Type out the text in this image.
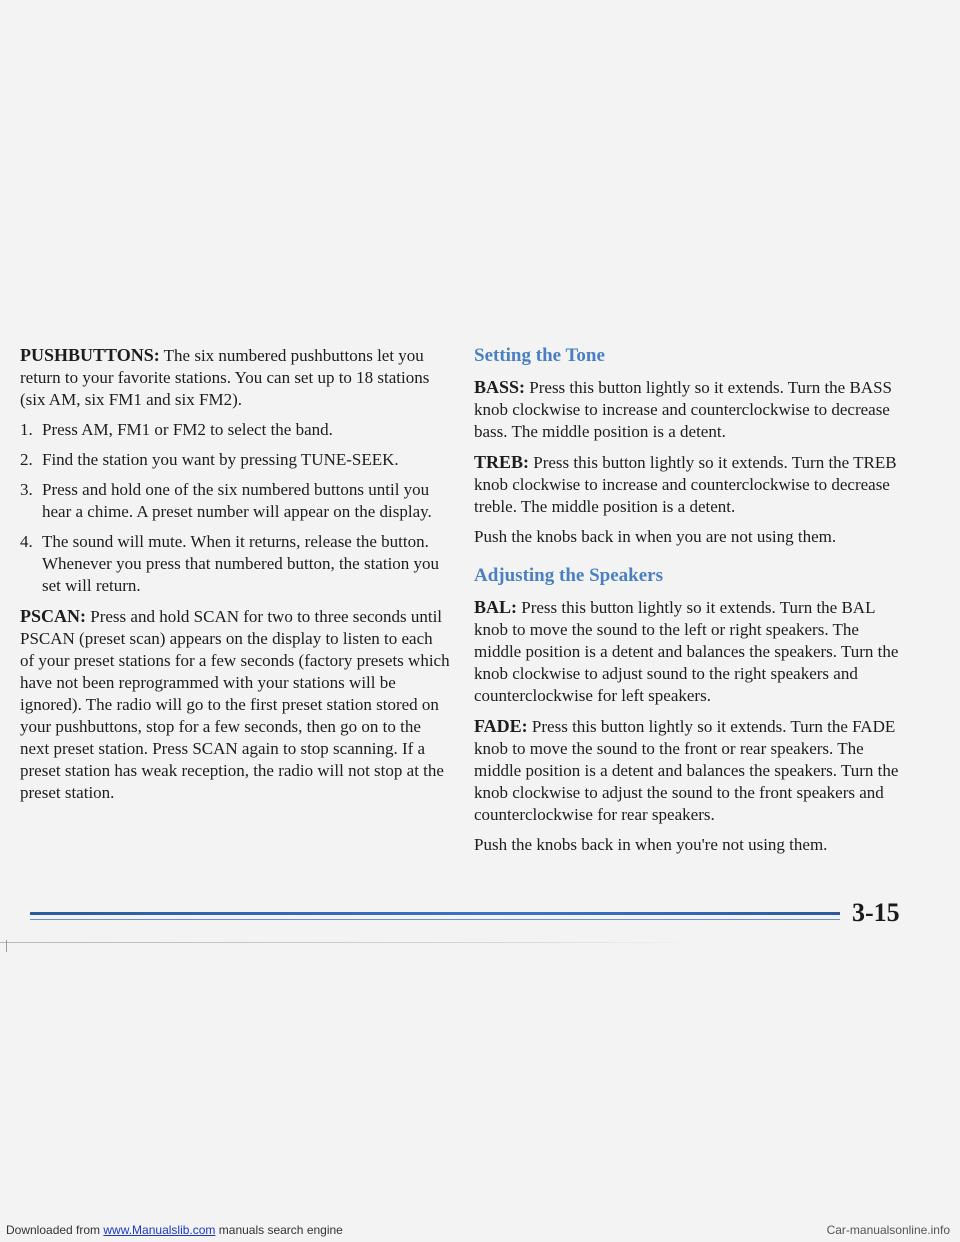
PUSHBUTTONS: The six numbered pushbuttons let you return to your favorite stations. You can set up to 18 stations (six AM, six FM1 and six FM2).

1. Press AM, FM1 or FM2 to select the band.
2. Find the station you want by pressing TUNE-SEEK.
3. Press and hold one of the six numbered buttons until you hear a chime. A preset number will appear on the display.
4. The sound will mute. When it returns, release the button. Whenever you press that numbered button, the station you set will return.

PSCAN: Press and hold SCAN for two to three seconds until PSCAN (preset scan) appears on the display to listen to each of your preset stations for a few seconds (factory presets which have not been reprogrammed with your stations will be ignored). The radio will go to the first preset station stored on your pushbuttons, stop for a few seconds, then go on to the next preset station. Press SCAN again to stop scanning. If a preset station has weak reception, the radio will not stop at the preset station.

Setting the Tone

BASS: Press this button lightly so it extends. Turn the BASS knob clockwise to increase and counterclockwise to decrease bass. The middle position is a detent.

TREB: Press this button lightly so it extends. Turn the TREB knob clockwise to increase and counterclockwise to decrease treble. The middle position is a detent.

Push the knobs back in when you are not using them.

Adjusting the Speakers

BAL: Press this button lightly so it extends. Turn the BAL knob to move the sound to the left or right speakers. The middle position is a detent and balances the speakers. Turn the knob clockwise to adjust sound to the right speakers and counterclockwise for left speakers.

FADE: Press this button lightly so it extends. Turn the FADE knob to move the sound to the front or rear speakers. The middle position is a detent and balances the speakers. Turn the knob clockwise to adjust the sound to the front speakers and counterclockwise for rear speakers.

Push the knobs back in when you're not using them.

3-15
Downloaded from www.Manualslib.com manuals search engine	Car-manualsonline.info
